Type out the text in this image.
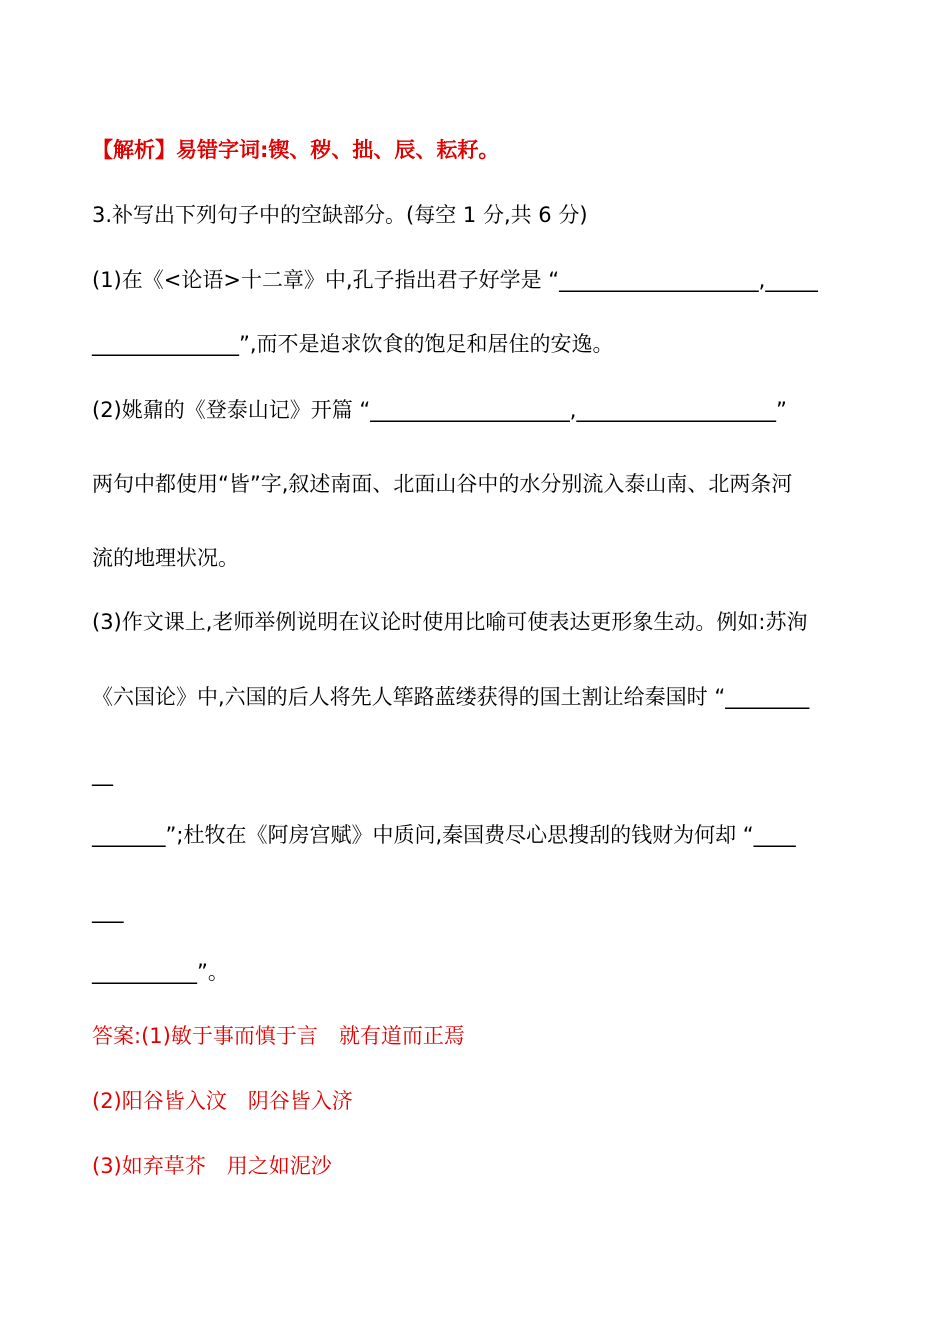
【解析】易错字词:锲、秽、拙、辰、耘耔。
3.补写出下列句子中的空缺部分。(每空 1 分,共 6 分)
(1)在《<论语>十二章》中,孔子指出君子好学是 “___________________,_____
______________”,而不是追求饮食的饱足和居住的安逸。
(2)姚鼐的《登泰山记》开篇 “___________________,___________________”
两句中都使用“皆”字,叙述南面、北面山谷中的水分别流入泰山南、北两条河
流的地理状况。
(3)作文课上,老师举例说明在议论时使用比喻可使表达更形象生动。例如:苏洵
《六国论》中,六国的后人将先人筚路蓝缕获得的国土割让给秦国时 “________
__
_______”;杜牧在《阿房宫赋》中质问,秦国费尽心思搜刮的钱财为何却 “____
___
__________”。
答案:(1)敏于事而慎于言　就有道而正焉
(2)阳谷皆入汶　阴谷皆入济
(3)如弃草芥　用之如泥沙
